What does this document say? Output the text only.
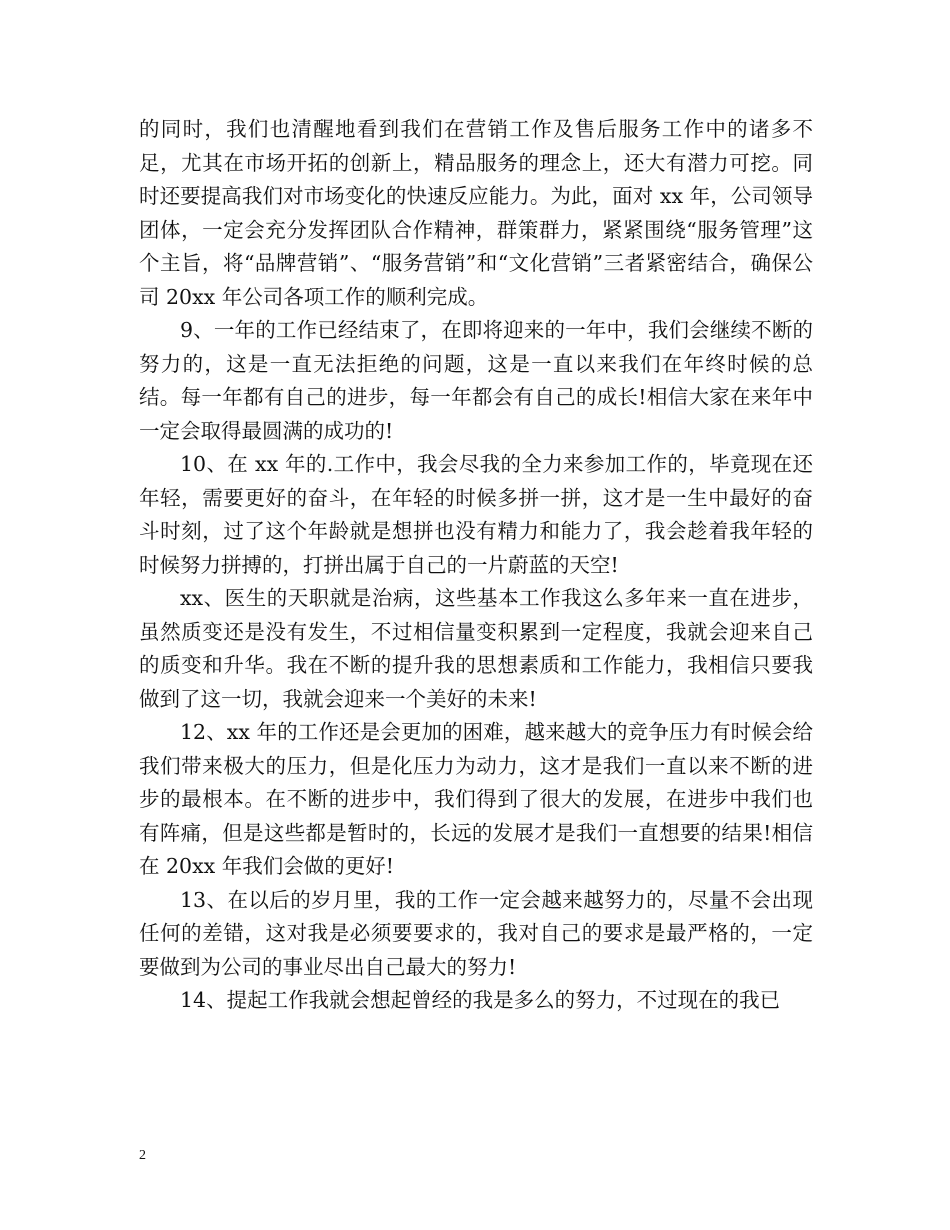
的同时，我们也清醒地看到我们在营销工作及售后服务工作中的诸多不足，尤其在市场开拓的创新上，精品服务的理念上，还大有潜力可挖。同时还要提高我们对市场变化的快速反应能力。为此，面对 xx 年，公司领导团体，一定会充分发挥团队合作精神，群策群力，紧紧围绕“服务管理”这个主旨，将“品牌营销”、“服务营销”和“文化营销”三者紧密结合，确保公司 20xx 年公司各项工作的顺利完成。

9、一年的工作已经结束了，在即将迎来的一年中，我们会继续不断的努力的，这是一直无法拒绝的问题，这是一直以来我们在年终时候的总结。每一年都有自己的进步，每一年都会有自己的成长!相信大家在来年中一定会取得最圆满的成功的!

10、在 xx 年的.工作中，我会尽我的全力来参加工作的，毕竟现在还年轻，需要更好的奋斗，在年轻的时候多拼一拼，这才是一生中最好的奋斗时刻，过了这个年龄就是想拼也没有精力和能力了，我会趁着我年轻的时候努力拼搏的，打拼出属于自己的一片蔚蓝的天空!

xx、医生的天职就是治病，这些基本工作我这么多年来一直在进步，虽然质变还是没有发生，不过相信量变积累到一定程度，我就会迎来自己的质变和升华。我在不断的提升我的思想素质和工作能力，我相信只要我做到了这一切，我就会迎来一个美好的未来!

12、xx 年的工作还是会更加的困难，越来越大的竞争压力有时候会给我们带来极大的压力，但是化压力为动力，这才是我们一直以来不断的进步的最根本。在不断的进步中，我们得到了很大的发展，在进步中我们也有阵痛，但是这些都是暂时的，长远的发展才是我们一直想要的结果!相信在 20xx 年我们会做的更好!

13、在以后的岁月里，我的工作一定会越来越努力的，尽量不会出现任何的差错，这对我是必须要要求的，我对自己的要求是最严格的，一定要做到为公司的事业尽出自己最大的努力!

14、提起工作我就会想起曾经的我是多么的努力，不过现在的我已

2
